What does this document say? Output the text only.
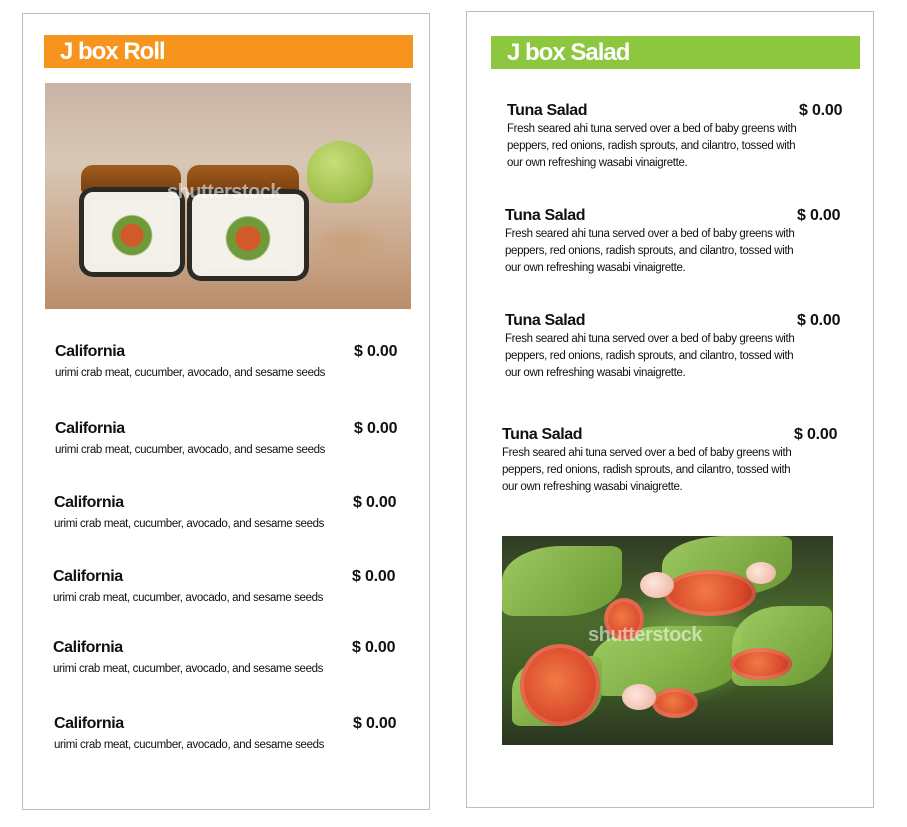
J box Roll
shutterstock
California	$ 0.00
urimi crab meat, cucumber, avocado, and sesame seeds
California	$ 0.00
urimi crab meat, cucumber, avocado, and sesame seeds
California	$ 0.00
urimi crab meat, cucumber, avocado, and sesame seeds
California	$ 0.00
urimi crab meat, cucumber, avocado, and sesame seeds
California	$ 0.00
urimi crab meat, cucumber, avocado, and sesame seeds
California	$ 0.00
urimi crab meat, cucumber, avocado, and sesame seeds
J box Salad
Tuna Salad	$ 0.00
Fresh seared ahi tuna served over a bed of baby greens with peppers, red onions, radish sprouts, and cilantro, tossed with our own refreshing wasabi vinaigrette.
Tuna Salad	$ 0.00
Fresh seared ahi tuna served over a bed of baby greens with peppers, red onions, radish sprouts, and cilantro, tossed with our own refreshing wasabi vinaigrette.
Tuna Salad	$ 0.00
Fresh seared ahi tuna served over a bed of baby greens with peppers, red onions, radish sprouts, and cilantro, tossed with our own refreshing wasabi vinaigrette.
Tuna Salad	$ 0.00
Fresh seared ahi tuna served over a bed of baby greens with peppers, red onions, radish sprouts, and cilantro, tossed with our own refreshing wasabi vinaigrette.
shutterstock
